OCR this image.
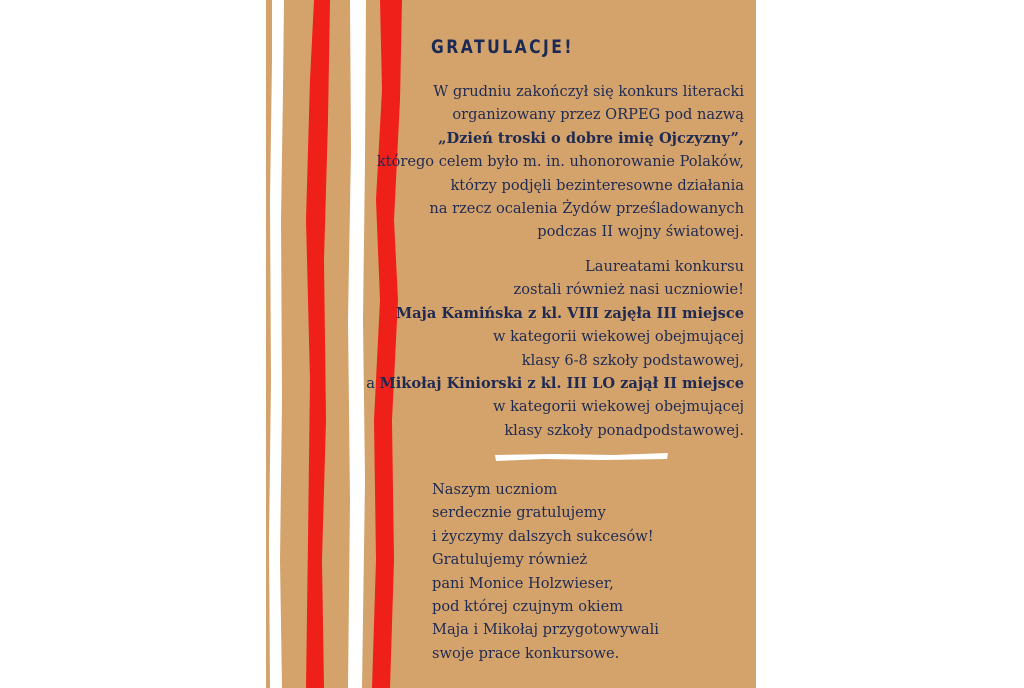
GRATULACJE!
W grudniu zakończył się konkurs literacki
organizowany przez ORPEG pod nazwą
„Dzień troski o dobre imię Ojczyzny”,
którego celem było m. in. uhonorowanie Polaków,
którzy podjęli bezinteresowne działania
na rzecz ocalenia Żydów prześladowanych
podczas II wojny światowej.
Laureatami konkursu
zostali również nasi uczniowie!
Maja Kamińska z kl. VIII zajęła III miejsce
w kategorii wiekowej obejmującej
klasy 6-8 szkoły podstawowej,
a Mikołaj Kiniorski z kl. III LO zajął II miejsce
w kategorii wiekowej obejmującej
klasy szkoły ponadpodstawowej.
Naszym uczniom
serdecznie gratulujemy
i życzymy dalszych sukcesów!
Gratulujemy również
pani Monice Holzwieser,
pod której czujnym okiem
Maja i Mikołaj przygotowywali
swoje prace konkursowe.
